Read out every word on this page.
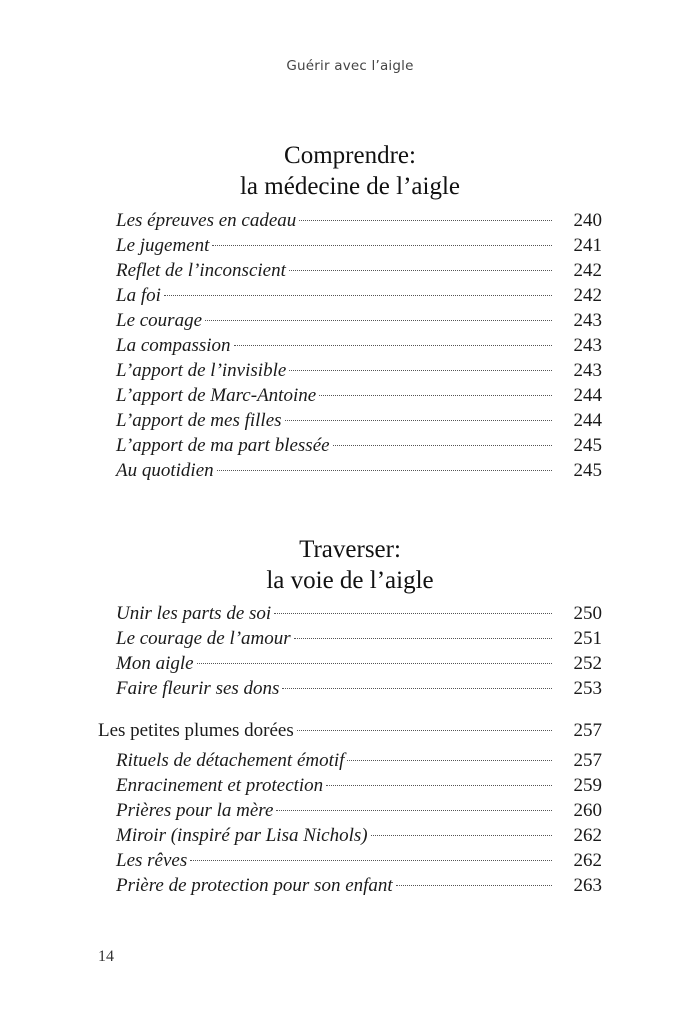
Guérir avec l’aigle
Comprendre:
la médecine de l’aigle
Les épreuves en cadeau	240
Le jugement	241
Reflet de l’inconscient	242
La foi	242
Le courage	243
La compassion	243
L’apport de l’invisible	243
L’apport de Marc-Antoine	244
L’apport de mes filles	244
L’apport de ma part blessée	245
Au quotidien	245
Traverser:
la voie de l’aigle
Unir les parts de soi	250
Le courage de l’amour	251
Mon aigle	252
Faire fleurir ses dons	253
Les petites plumes dorées	257
Rituels de détachement émotif	257
Enracinement et protection	259
Prières pour la mère	260
Miroir (inspiré par Lisa Nichols)	262
Les rêves	262
Prière de protection pour son enfant	263
14
